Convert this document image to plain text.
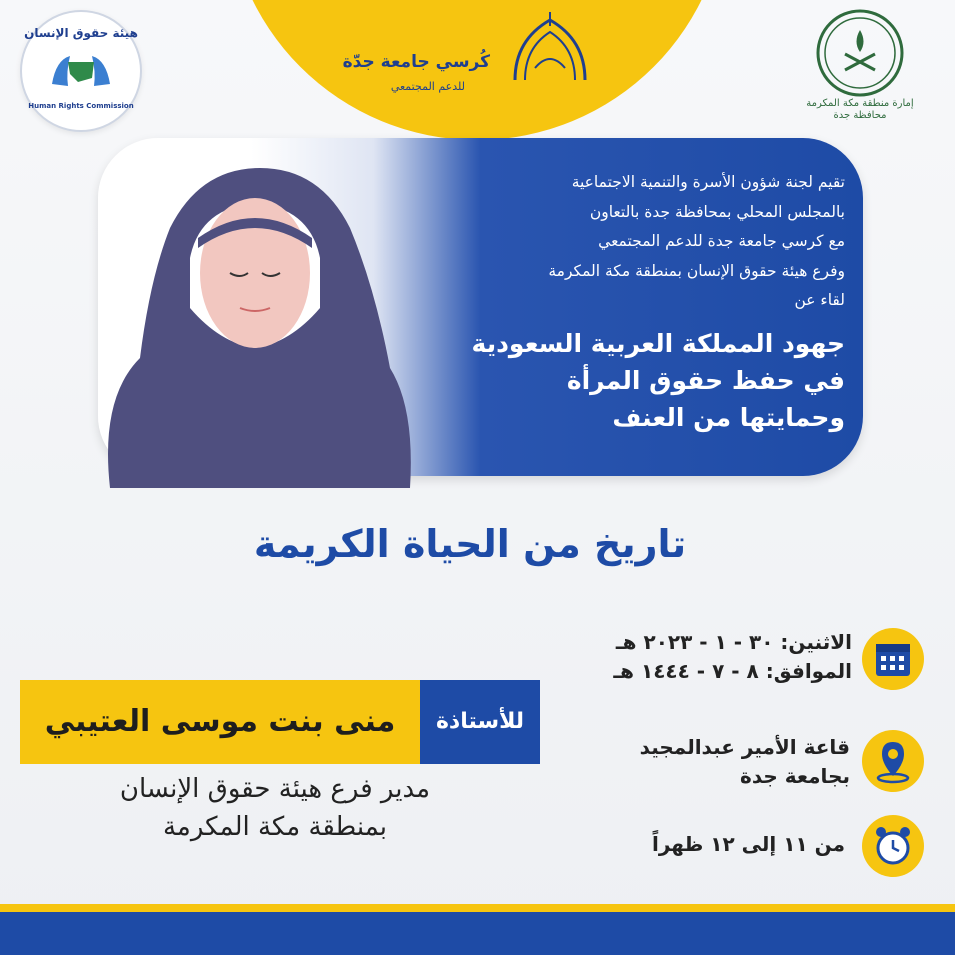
هيئة حقوق الإنسان
Human Rights Commission
كُرسي جامعة جدّة
للدعم المجتمعي
إمارة منطقة مكة المكرمة
محافظة جدة
تقيم لجنة شؤون الأسرة والتنمية الاجتماعية
بالمجلس المحلي بمحافظة جدة بالتعاون
مع كرسي جامعة جدة للدعم المجتمعي
وفرع هيئة حقوق الإنسان بمنطقة مكة المكرمة
لقاء عن
جهود المملكة العربية السعودية
في حفظ حقوق المرأة
وحمايتها من العنف
تاريخ من الحياة الكريمة
الاثنين: ٣٠ - ١ - ٢٠٢٣ هـ
الموافق: ٨ - ٧ - ١٤٤٤ هـ
قاعة الأمير عبدالمجيد
بجامعة جدة
من ١١ إلى ١٢ ظهراً
منى بنت موسى العتيبي	للأستاذة
مدير فرع هيئة حقوق الإنسان
بمنطقة مكة المكرمة
